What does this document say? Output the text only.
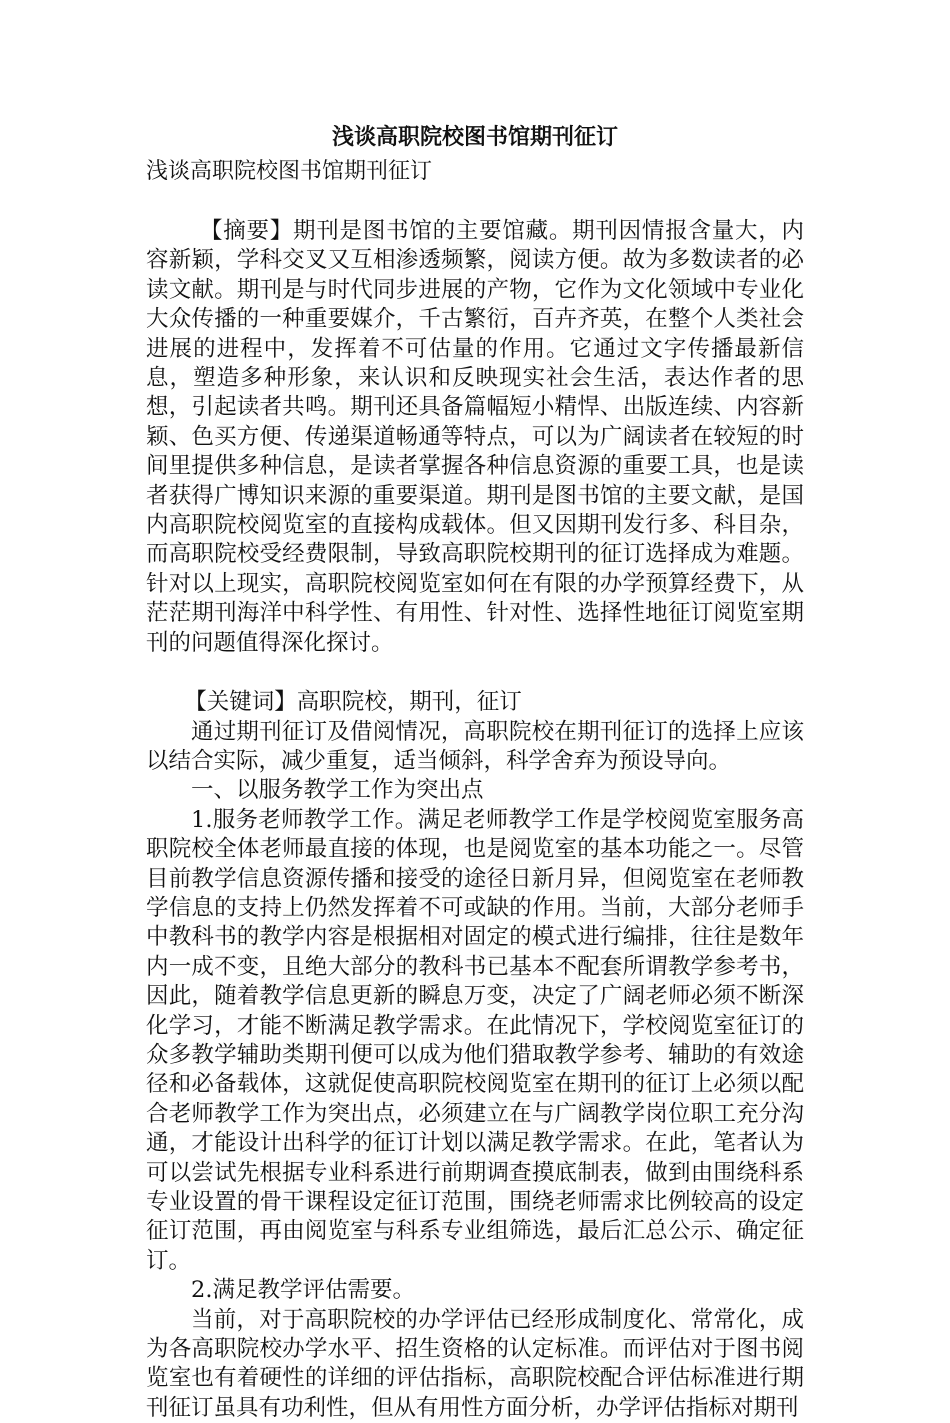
浅谈高职院校图书馆期刊征订

浅谈高职院校图书馆期刊征订

【摘要】期刊是图书馆的主要馆藏。期刊因情报含量大，内容新颖，学科交叉又互相渗透频繁，阅读方便。故为多数读者的必读文献。期刊是与时代同步进展的产物，它作为文化领域中专业化大众传播的一种重要媒介，千古繁衍，百卉齐英，在整个人类社会进展的进程中，发挥着不可估量的作用。它通过文字传播最新信息，塑造多种形象，来认识和反映现实社会生活，表达作者的思想，引起读者共鸣。期刊还具备篇幅短小精悍、出版连续、内容新颖、色买方便、传递渠道畅通等特点，可以为广阔读者在较短的时间里提供多种信息，是读者掌握各种信息资源的重要工具，也是读者获得广博知识来源的重要渠道。期刊是图书馆的主要文献，是国内高职院校阅览室的直接构成载体。但又因期刊发行多、科目杂，而高职院校受经费限制，导致高职院校期刊的征订选择成为难题。针对以上现实，高职院校阅览室如何在有限的办学预算经费下，从茫茫期刊海洋中科学性、有用性、针对性、选择性地征订阅览室期刊的问题值得深化探讨。

【关键词】高职院校，期刊，征订

通过期刊征订及借阅情况，高职院校在期刊征订的选择上应该以结合实际，减少重复，适当倾斜，科学舍弃为预设导向。

一、以服务教学工作为突出点

1.服务老师教学工作。满足老师教学工作是学校阅览室服务高职院校全体老师最直接的体现，也是阅览室的基本功能之一。尽管目前教学信息资源传播和接受的途径日新月异，但阅览室在老师教学信息的支持上仍然发挥着不可或缺的作用。当前，大部分老师手中教科书的教学内容是根据相对固定的模式进行编排，往往是数年内一成不变，且绝大部分的教科书已基本不配套所谓教学参考书，因此，随着教学信息更新的瞬息万变，决定了广阔老师必须不断深化学习，才能不断满足教学需求。在此情况下，学校阅览室征订的众多教学辅助类期刊便可以成为他们猎取教学参考、辅助的有效途径和必备载体，这就促使高职院校阅览室在期刊的征订上必须以配合老师教学工作为突出点，必须建立在与广阔教学岗位职工充分沟通，才能设计出科学的征订计划以满足教学需求。在此，笔者认为可以尝试先根据专业科系进行前期调查摸底制表，做到由围绕科系专业设置的骨干课程设定征订范围，围绕老师需求比例较高的设定征订范围，再由阅览室与科系专业组筛选，最后汇总公示、确定征订。

2.满足教学评估需要。

当前，对于高职院校的办学评估已经形成制度化、常常化，成为各高职院校办学水平、招生资格的认定标准。而评估对于图书阅览室也有着硬性的详细的评估指标，高职院校配合评估标准进行期刊征订虽具有功利性，但从有用性方面分析，办学评估指标对期刊
